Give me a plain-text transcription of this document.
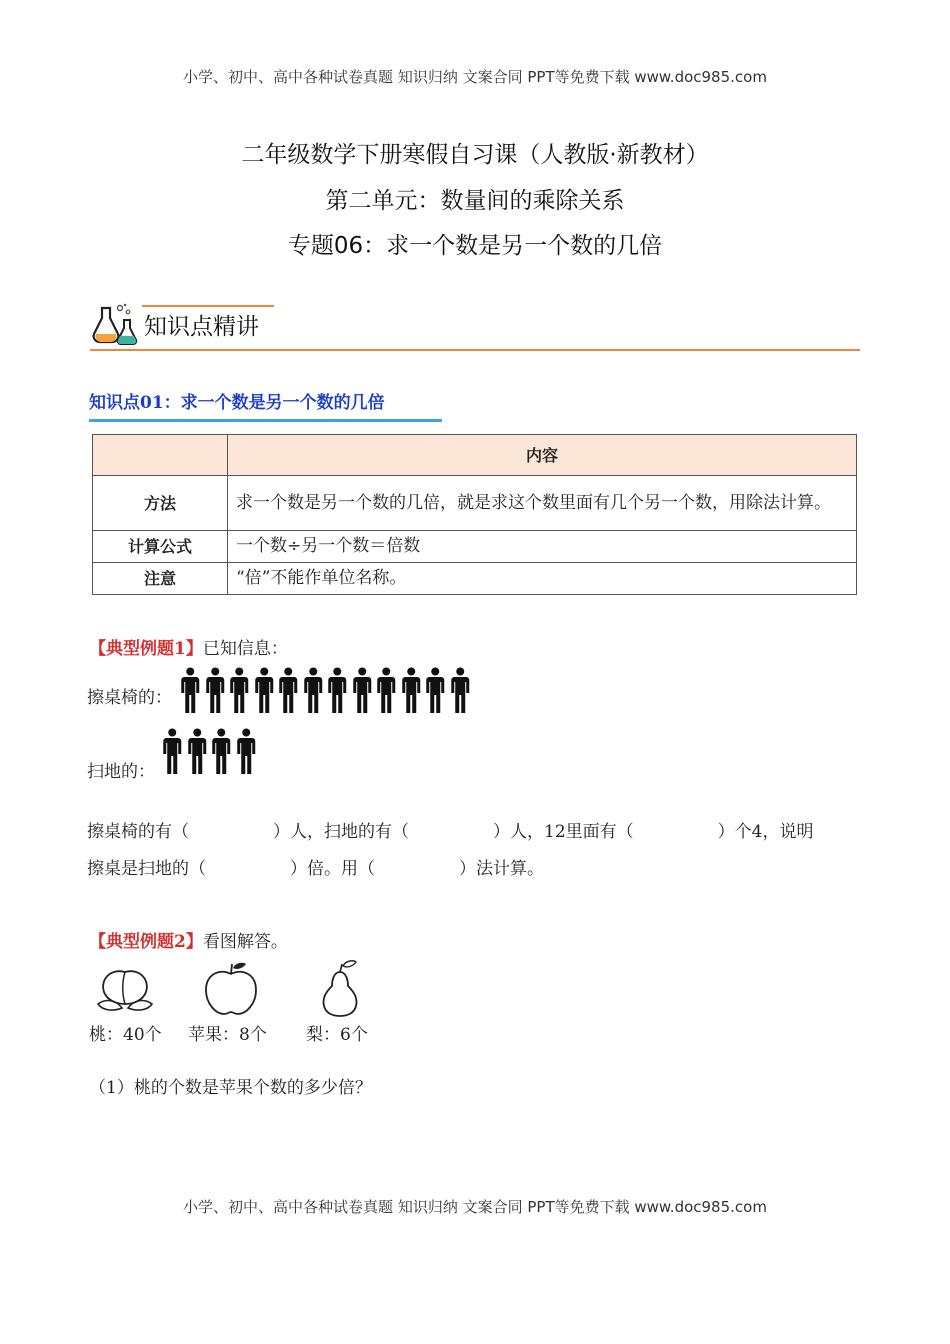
小学、初中、高中各种试卷真题 知识归纳 文案合同 PPT等免费下载 www.doc985.com
二年级数学下册寒假自习课（人教版·新教材）
第二单元：数量间的乘除关系
专题06：求一个数是另一个数的几倍
知识点精讲
知识点01：求一个数是另一个数的几倍
	内容
方法	求一个数是另一个数的几倍，就是求这个数里面有几个另一个数，用除法计算。
计算公式	一个数÷另一个数＝倍数
注意	“倍”不能作单位名称。
【典型例题1】已知信息：
擦桌椅的：
扫地的：
擦桌椅的有（	）人，扫地的有（	）人，12里面有（	）个4，说明
擦桌是扫地的（	）倍。用（	）法计算。
【典型例题2】看图解答。
桃：40个 苹果：8个 梨：6个
（1）桃的个数是苹果个数的多少倍？
小学、初中、高中各种试卷真题 知识归纳 文案合同 PPT等免费下载 www.doc985.com
